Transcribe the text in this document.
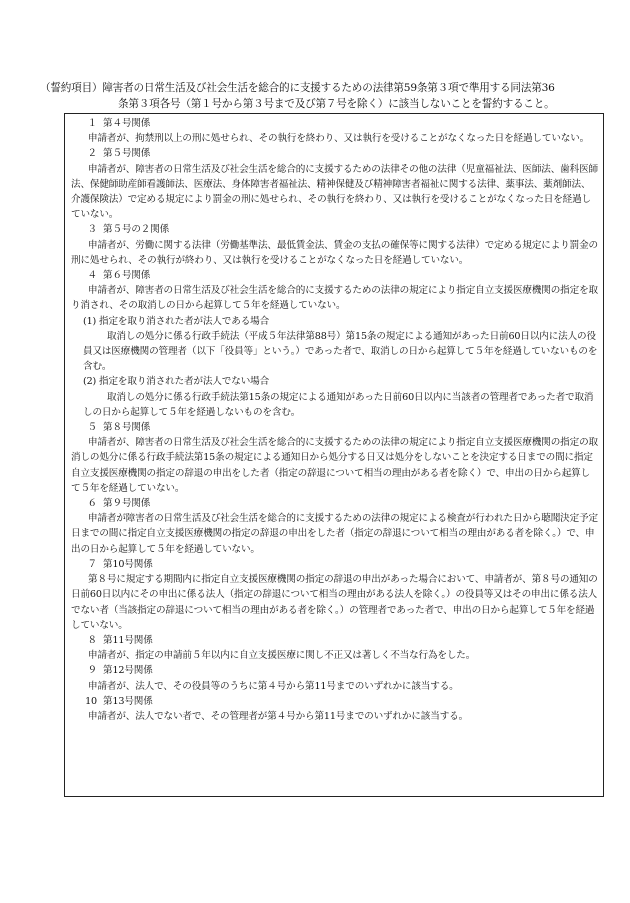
（誓約項目）障害者の日常生活及び社会生活を総合的に支援するための法律第59条第３項で準用する同法第36
条第３項各号（第１号から第３号まで及び第７号を除く）に該当しないことを誓約すること。
１ 第４号関係

申請者が、拘禁刑以上の刑に処せられ、その執行を終わり、又は執行を受けることがなくなった日を経過していない。

２ 第５号関係

申請者が、障害者の日常生活及び社会生活を総合的に支援するための法律その他の法律（児童福祉法、医師法、歯科医師法、保健師助産師看護師法、医療法、身体障害者福祉法、精神保健及び精神障害者福祉に関する法律、薬事法、薬剤師法、介護保険法）で定める規定により罰金の刑に処せられ、その執行を終わり、又は執行を受けることがなくなった日を経過していない。

３ 第５号の２関係

申請者が、労働に関する法律（労働基準法、最低賃金法、賃金の支払の確保等に関する法律）で定める規定により罰金の刑に処せられ、その執行が終わり、又は執行を受けることがなくなった日を経過していない。

４ 第６号関係

申請者が、障害者の日常生活及び社会生活を総合的に支援するための法律の規定により指定自立支援医療機関の指定を取り消され、その取消しの日から起算して５年を経過していない。

(1) 指定を取り消された者が法人である場合

取消しの処分に係る行政手続法（平成５年法律第88号）第15条の規定による通知があった日前60日以内に法人の役員又は医療機関の管理者（以下「役員等」という。）であった者で、取消しの日から起算して５年を経過していないものを含む。

(2) 指定を取り消された者が法人でない場合

取消しの処分に係る行政手続法第15条の規定による通知があった日前60日以内に当該者の管理者であった者で取消しの日から起算して５年を経過しないものを含む。

５ 第８号関係

申請者が、障害者の日常生活及び社会生活を総合的に支援するための法律の規定により指定自立支援医療機関の指定の取消しの処分に係る行政手続法第15条の規定による通知日から処分する日又は処分をしないことを決定する日までの間に指定自立支援医療機関の指定の辞退の申出をした者（指定の辞退について相当の理由がある者を除く）で、申出の日から起算して５年を経過していない。

６ 第９号関係

申請者が障害者の日常生活及び社会生活を総合的に支援するための法律の規定による検査が行われた日から聴聞決定予定日までの間に指定自立支援医療機関の指定の辞退の申出をした者（指定の辞退について相当の理由がある者を除く。）で、申出の日から起算して５年を経過していない。

７ 第10号関係

第８号に規定する期間内に指定自立支援医療機関の指定の辞退の申出があった場合において、申請者が、第８号の通知の日前60日以内にその申出に係る法人（指定の辞退について相当の理由がある法人を除く。）の役員等又はその申出に係る法人でない者（当該指定の辞退について相当の理由がある者を除く。）の管理者であった者で、申出の日から起算して５年を経過していない。

８ 第11号関係

申請者が、指定の申請前５年以内に自立支援医療に関し不正又は著しく不当な行為をした。

９ 第12号関係

申請者が、法人で、その役員等のうちに第４号から第11号までのいずれかに該当する。

10 第13号関係

申請者が、法人でない者で、その管理者が第４号から第11号までのいずれかに該当する。
